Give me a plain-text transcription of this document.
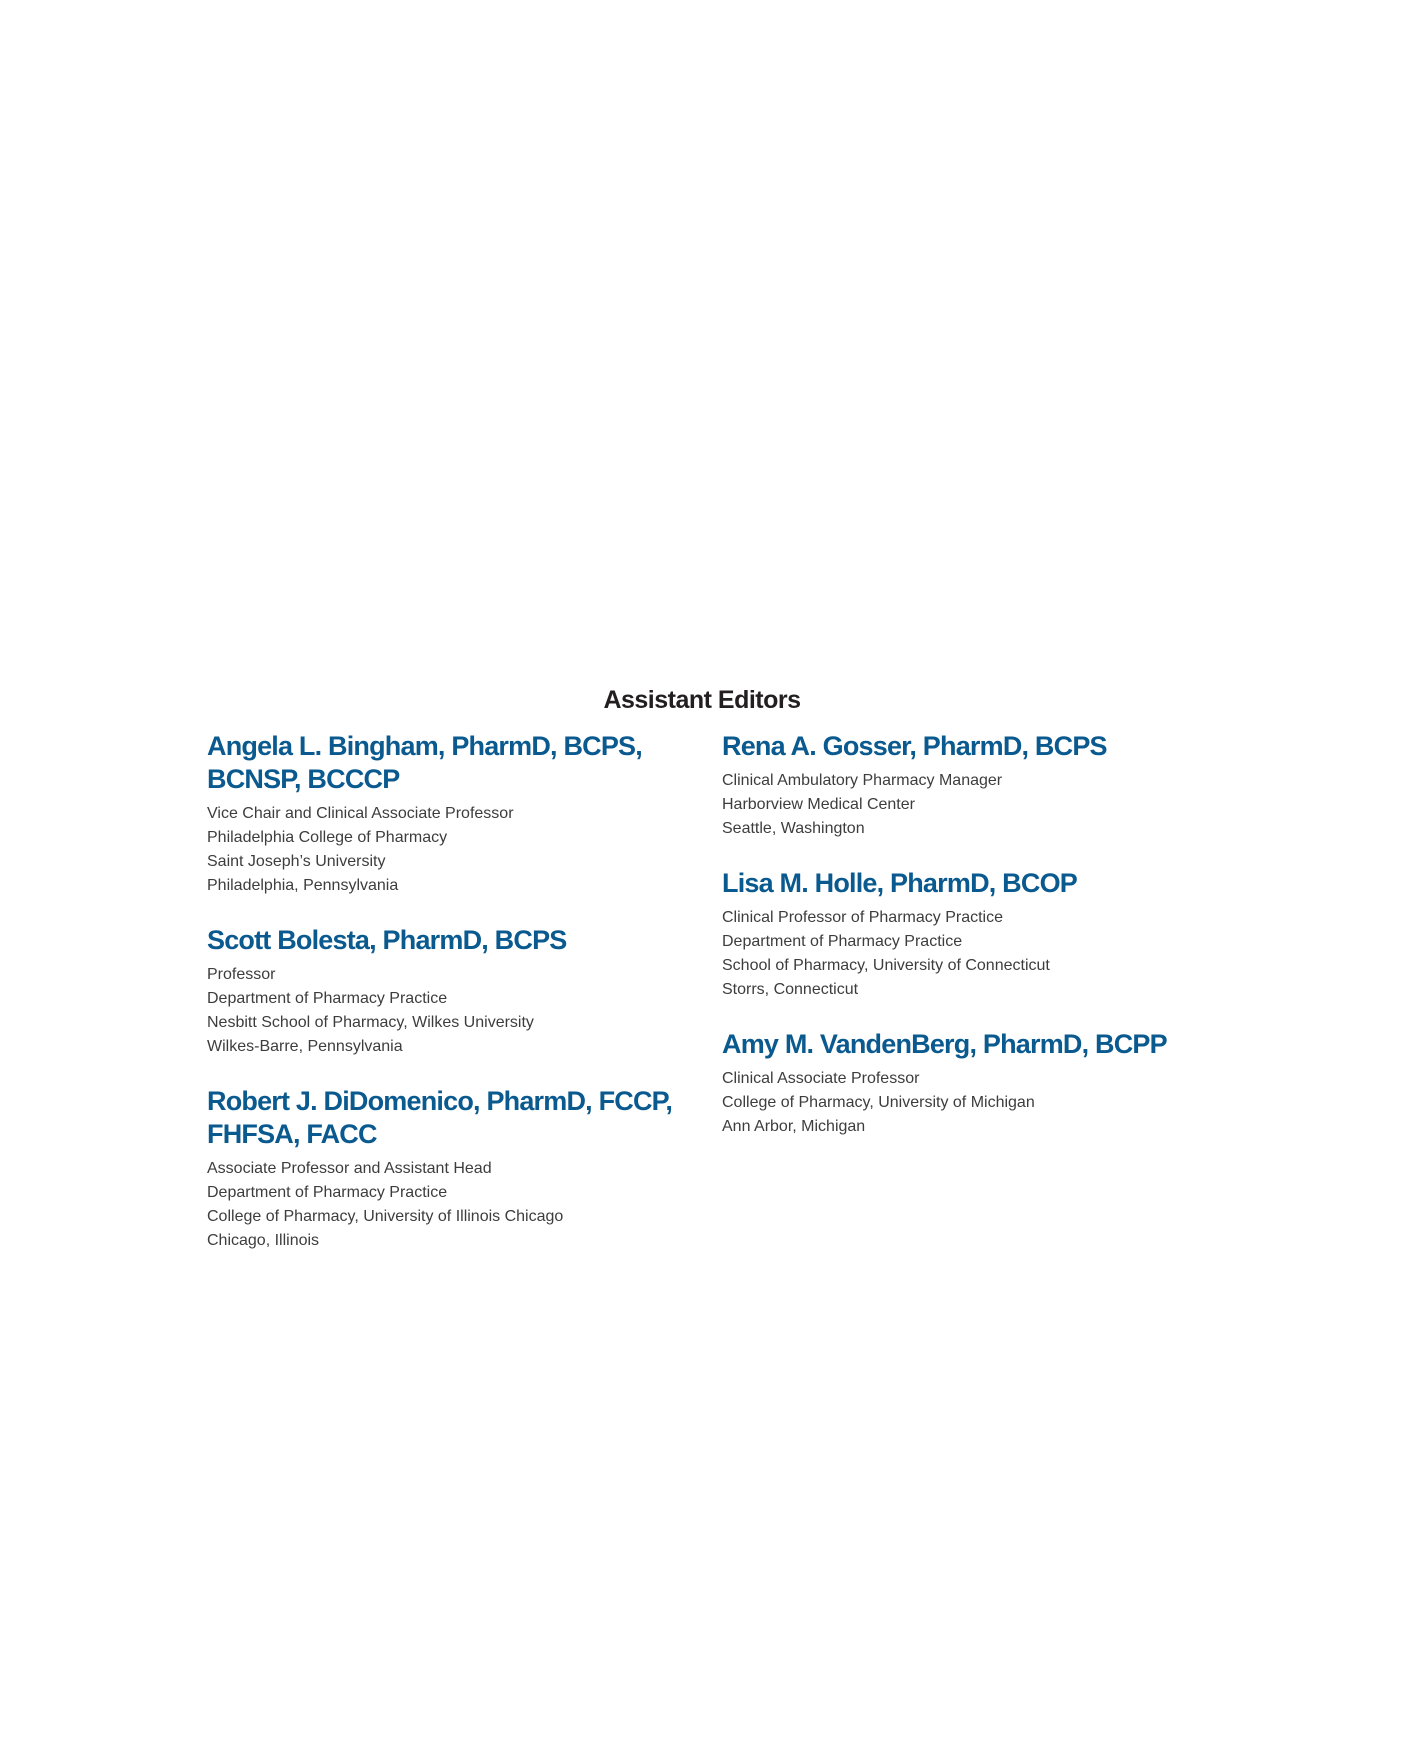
Assistant Editors
Angela L. Bingham, PharmD, BCPS, BCNSP, BCCCP
Vice Chair and Clinical Associate Professor
Philadelphia College of Pharmacy
Saint Joseph’s University
Philadelphia, Pennsylvania
Scott Bolesta, PharmD, BCPS
Professor
Department of Pharmacy Practice
Nesbitt School of Pharmacy, Wilkes University
Wilkes-Barre, Pennsylvania
Robert J. DiDomenico, PharmD, FCCP, FHFSA, FACC
Associate Professor and Assistant Head
Department of Pharmacy Practice
College of Pharmacy, University of Illinois Chicago
Chicago, Illinois
Rena A. Gosser, PharmD, BCPS
Clinical Ambulatory Pharmacy Manager
Harborview Medical Center
Seattle, Washington
Lisa M. Holle, PharmD, BCOP
Clinical Professor of Pharmacy Practice
Department of Pharmacy Practice
School of Pharmacy, University of Connecticut
Storrs, Connecticut
Amy M. VandenBerg, PharmD, BCPP
Clinical Associate Professor
College of Pharmacy, University of Michigan
Ann Arbor, Michigan
